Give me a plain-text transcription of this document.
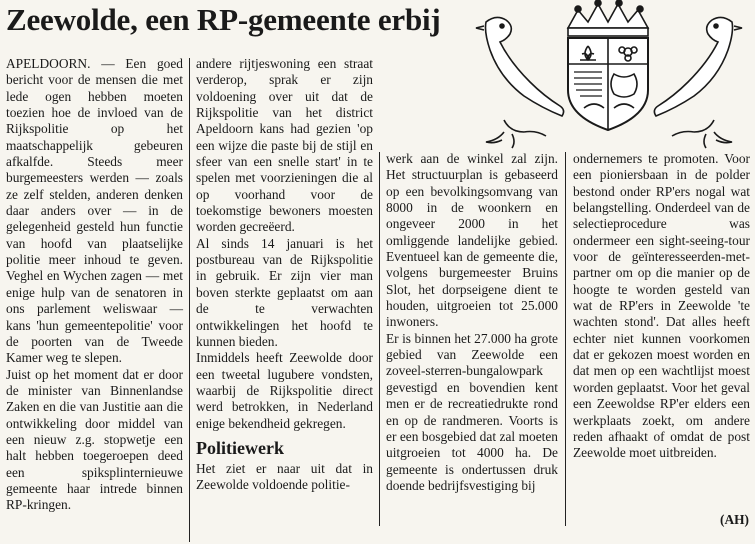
Zeewolde, een RP-gemeente erbij

APELDOORN. — Een goed bericht voor de mensen die met lede ogen hebben moeten toezien hoe de invloed van de Rijkspolitie op het maatschappelijk gebeuren afkalfde. Steeds meer burgemeesters werden — zoals ze zelf stelden, anderen denken daar anders over — in de gelegenheid gesteld hun functie van hoofd van plaatselijke politie meer inhoud te geven. Veghel en Wychen zagen — met enige hulp van de senatoren in ons parlement weliswaar — kans 'hun gemeentepolitie' voor de poorten van de Tweede Kamer weg te slepen.

Juist op het moment dat er door de minister van Binnenlandse Zaken en die van Justitie aan die ontwikkeling door middel van een nieuw z.g. stopwetje een halt hebben toegeroepen deed een spiksplinternieuwe gemeente haar intrede binnen RP-kringen.

andere rijtjeswoning een straat verderop, sprak er zijn voldoening over uit dat de Rijkspolitie van het district Apeldoorn kans had gezien 'op een wijze die paste bij de stijl en sfeer van een snelle start' in te spelen met voorzieningen die al op voorhand voor de toekomstige bewoners moesten worden gecreëerd.

Al sinds 14 januari is het postbureau van de Rijkspolitie in gebruik. Er zijn vier man boven sterkte geplaatst om aan de te verwachten ontwikkelingen het hoofd te kunnen bieden.

Inmiddels heeft Zeewolde door een tweetal lugubere vondsten, waarbij de Rijkspolitie direct werd betrokken, in Nederland enige bekendheid gekregen.

Politiewerk

Het ziet er naar uit dat in Zeewolde voldoende politie-

werk aan de winkel zal zijn. Het structuurplan is gebaseerd op een bevolkingsomvang van 8000 in de woonkern en ongeveer 2000 in het omliggende landelijke gebied. Eventueel kan de gemeente die, volgens burgemeester Bruins Slot, het dorpseigene dient te houden, uitgroeien tot 25.000 inwoners.

Er is binnen het 27.000 ha grote gebied van Zeewolde een zoveel-sterren-bungalowpark gevestigd en bovendien kent men er de recreatiedrukte rond en op de randmeren. Voorts is er een bosgebied dat zal moeten uitgroeien tot 4000 ha. De gemeente is ondertussen druk doende bedrijfsvestiging bij

ondernemers te promoten. Voor een pioniersbaan in de polder bestond onder RP'ers nogal wat belangstelling. Onderdeel van de selectieprocedure was ondermeer een sight-seeing-tour voor de geïnteresseerden-met-partner om op die manier op de hoogte te worden gesteld van wat de RP'ers in Zeewolde 'te wachten stond'. Dat alles heeft echter niet kunnen voorkomen dat er gekozen moest worden en dat men op een wachtlijst moest worden geplaatst. Voor het geval een Zeewoldse RP'er elders een werkplaats zoekt, om andere reden afhaakt of omdat de post Zeewolde moet uitbreiden.

(AH)
